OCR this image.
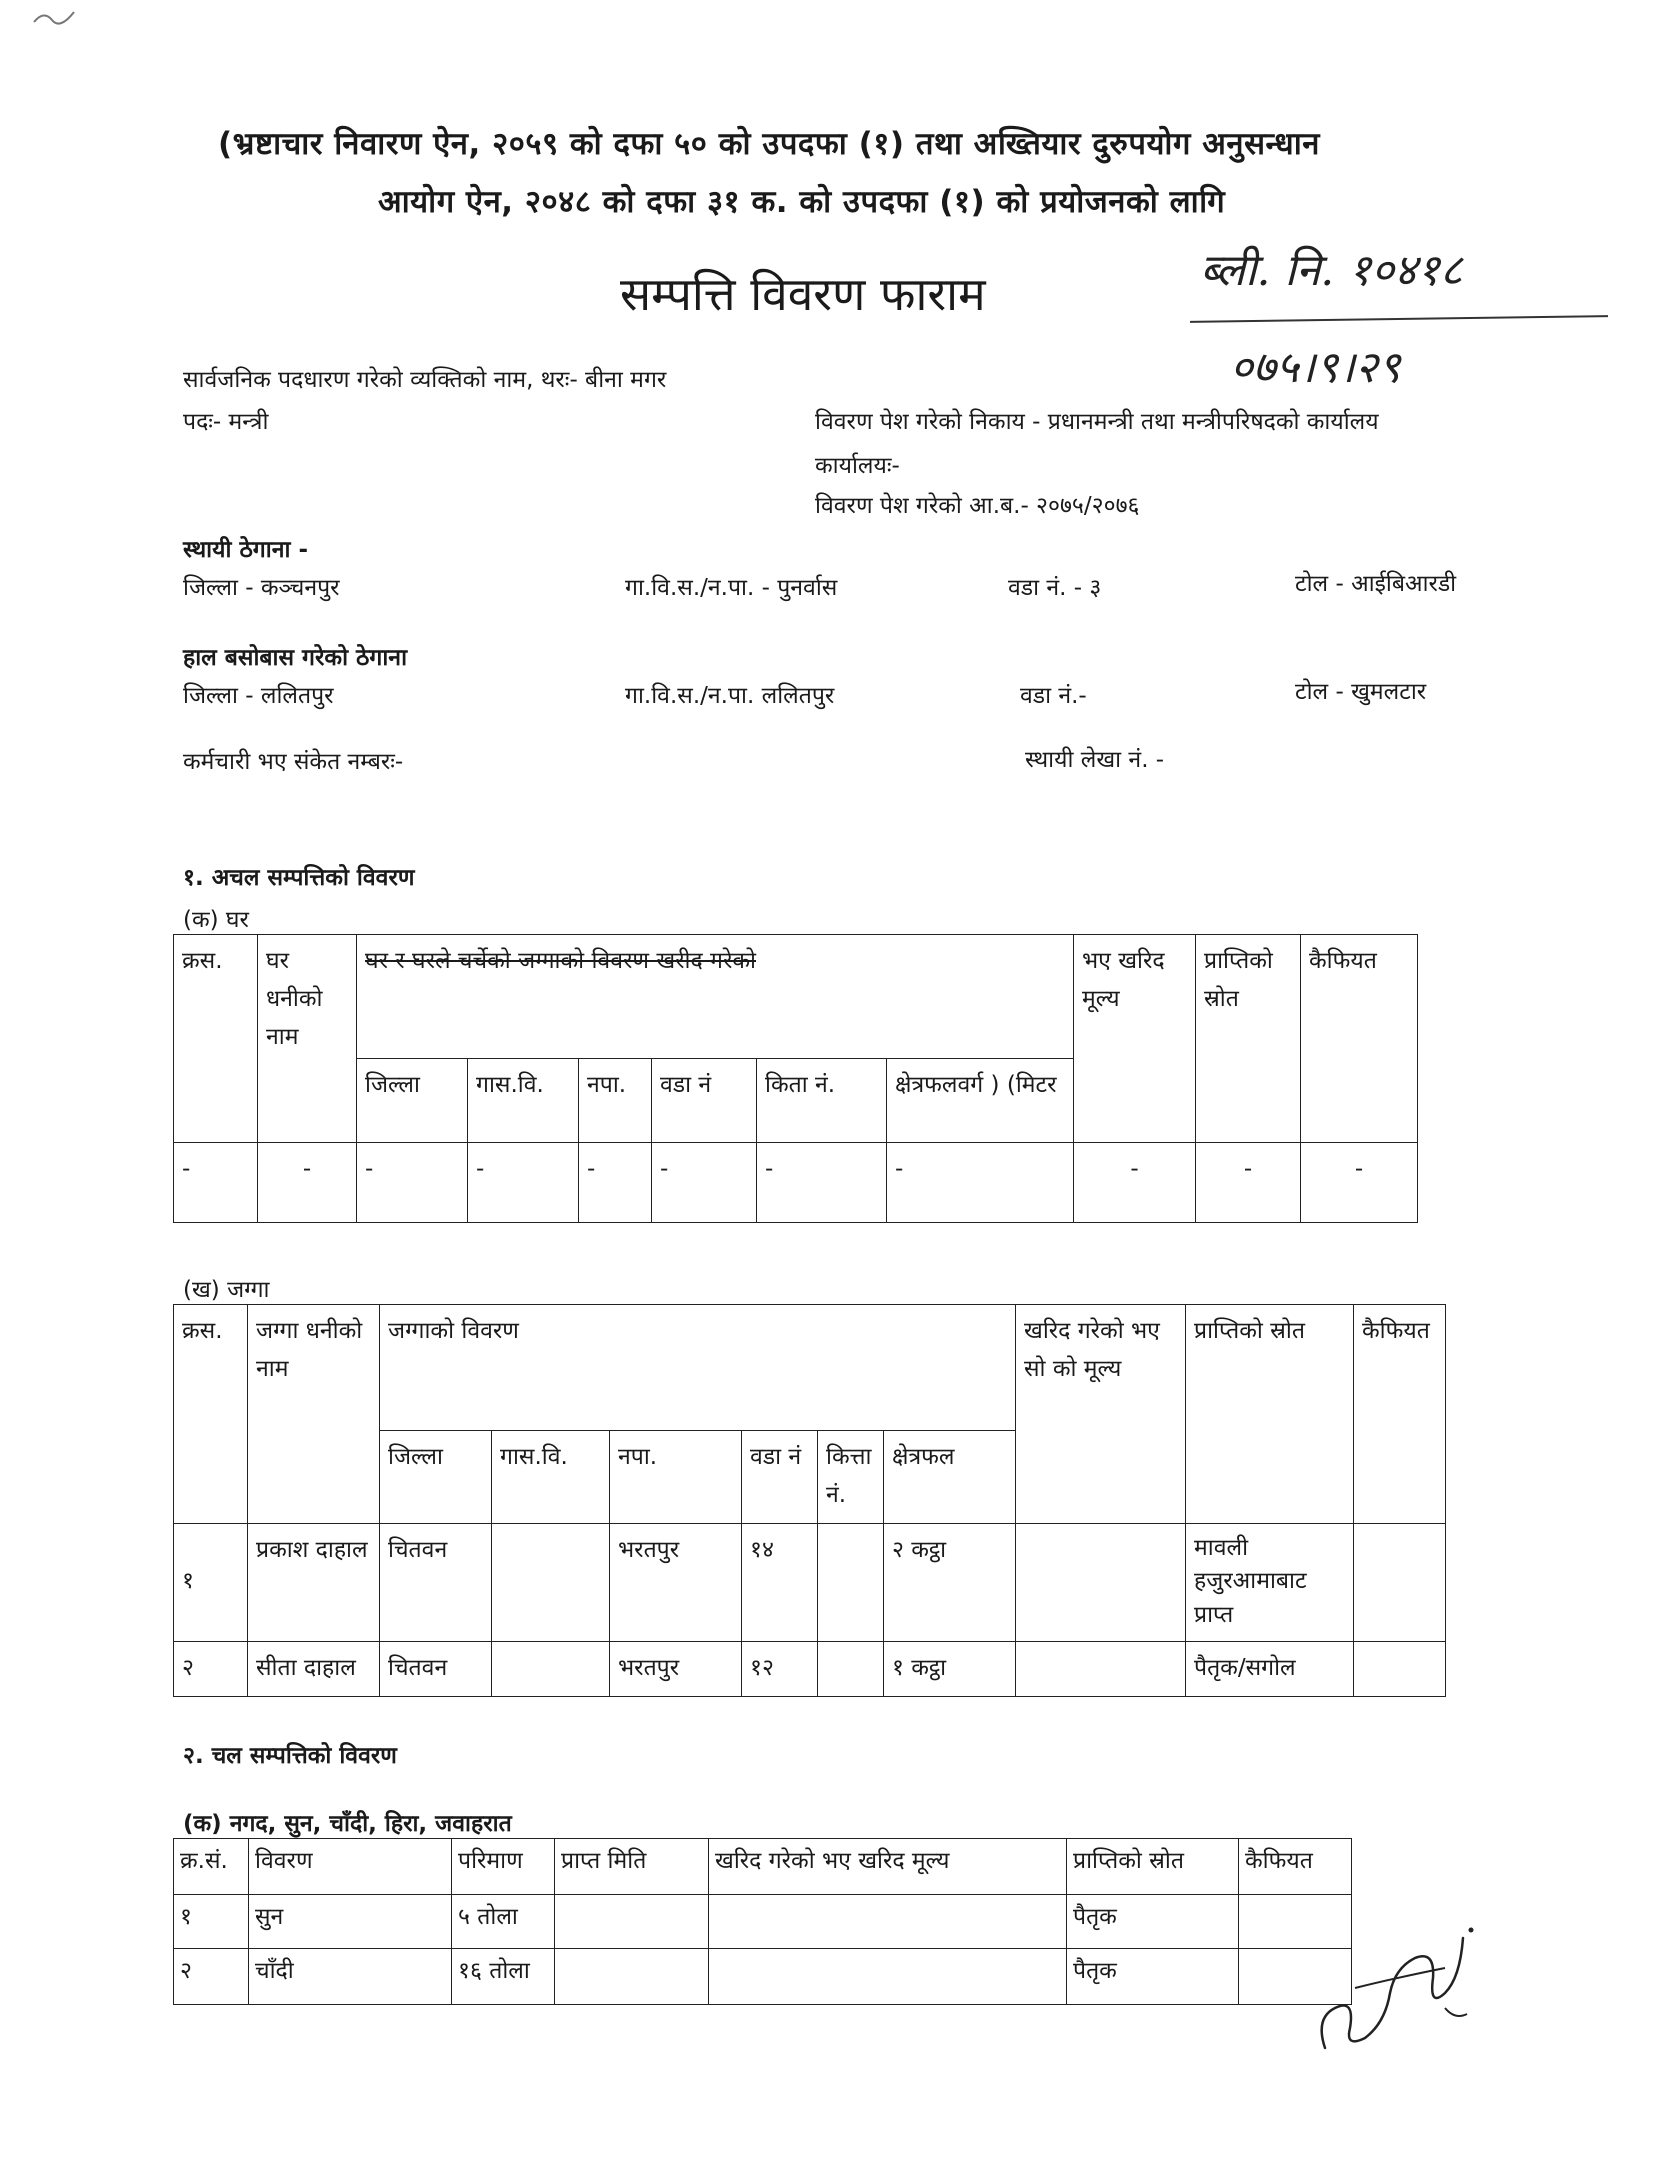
(भ्रष्टाचार निवारण ऐन, २०५९ को दफा ५० को उपदफा (१) तथा अख्तियार दुरुपयोग अनुसन्धान
आयोग ऐन, २०४८ को दफा ३१ क. को उपदफा (१) को प्रयोजनको लागि
सम्पत्ति विवरण फाराम	ब्ली. नि. १०४१८
०७५।९।२९
सार्वजनिक पदधारण गरेको व्यक्तिको नाम, थरः- बीना मगर
पदः- मन्त्री	विवरण पेश गरेको निकाय - प्रधानमन्त्री तथा मन्त्रीपरिषदको कार्यालय
कार्यालयः-
विवरण पेश गरेको आ.ब.- २०७५/२०७६
स्थायी ठेगाना -
जिल्ला - कञ्चनपुर	गा.वि.स./न.पा. - पुनर्वास	वडा नं. - ३	टोल - आईबिआरडी
हाल बसोबास गरेको ठेगाना
जिल्ला - ललितपुर	गा.वि.स./न.पा. ललितपुर	वडा नं.-	टोल - खुमलटार
कर्मचारी भए संकेत नम्बरः-	स्थायी लेखा नं. -
१. अचल सम्पत्तिको विवरण
(क) घर
क्रस.	घर धनीको नाम	घर र घरले चर्चेको जग्गाको विवरण खरीद गरेको						भए खरिद मूल्य	प्राप्तिको स्रोत	कैफियत
		जिल्ला	गास.वि.	नपा.	वडा नं	किता नं.	क्षेत्रफलवर्ग ) (मिटर			
-	-	-	-	-	-	-	-	-	-	-
(ख) जग्गा
क्रस.	जग्गा धनीको नाम	जग्गाको विवरण						खरिद गरेको भए सो को मूल्य	प्राप्तिको स्रोत	कैफियत
		जिल्ला	गास.वि.	नपा.	वडा नं	कित्ता नं.	क्षेत्रफल			
१	प्रकाश दाहाल	चितवन		भरतपुर	१४		२ कट्ठा		मावली हजुरआमाबाट प्राप्त	
२	सीता दाहाल	चितवन		भरतपुर	१२		१ कट्ठा		पैतृक/सगोल	
२. चल सम्पत्तिको विवरण
(क) नगद, सुन, चाँदी, हिरा, जवाहरात
क्र.सं.	विवरण	परिमाण	प्राप्त मिति	खरिद गरेको भए खरिद मूल्य	प्राप्तिको स्रोत	कैफियत
१	सुन	५ तोला			पैतृक	
२	चाँदी	१६ तोला			पैतृक	
